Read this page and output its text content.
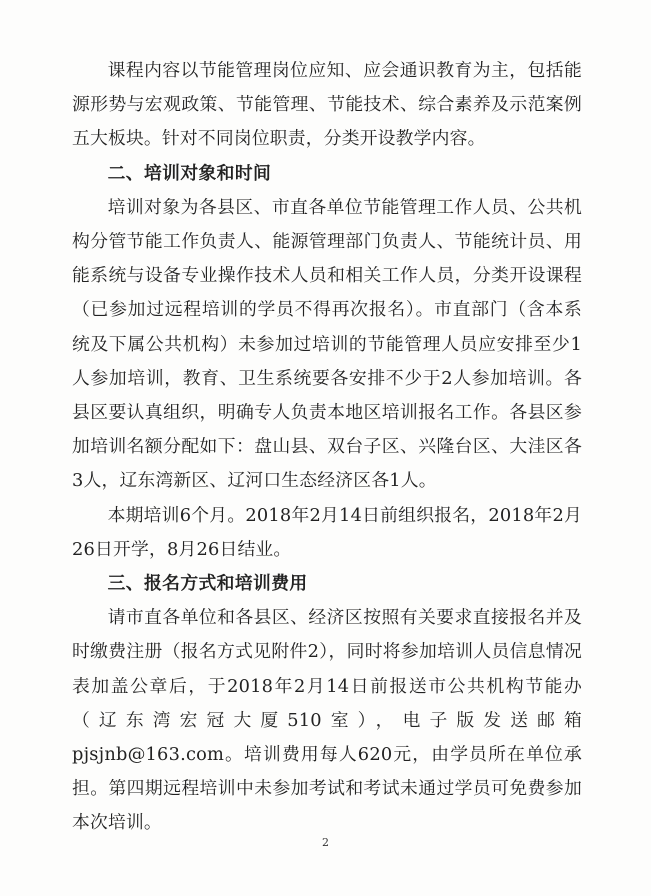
课程内容以节能管理岗位应知、应会通识教育为主，包括能源形势与宏观政策、节能管理、节能技术、综合素养及示范案例五大板块。针对不同岗位职责，分类开设教学内容。

二、培训对象和时间

培训对象为各县区、市直各单位节能管理工作人员、公共机构分管节能工作负责人、能源管理部门负责人、节能统计员、用能系统与设备专业操作技术人员和相关工作人员，分类开设课程（已参加过远程培训的学员不得再次报名）。市直部门（含本系统及下属公共机构）未参加过培训的节能管理人员应安排至少1人参加培训，教育、卫生系统要各安排不少于2人参加培训。各县区要认真组织，明确专人负责本地区培训报名工作。各县区参加培训名额分配如下：盘山县、双台子区、兴隆台区、大洼区各3人，辽东湾新区、辽河口生态经济区各1人。

本期培训6个月。2018年2月14日前组织报名，2018年2月26日开学，8月26日结业。

三、报名方式和培训费用

请市直各单位和各县区、经济区按照有关要求直接报名并及时缴费注册（报名方式见附件2），同时将参加培训人员信息情况表加盖公章后，于2018年2月14日前报送市公共机构节能办（辽东湾宏冠大厦510室），电子版发送邮箱pjsjnb@163.com。培训费用每人620元，由学员所在单位承担。第四期远程培训中未参加考试和考试未通过学员可免费参加本次培训。

2
